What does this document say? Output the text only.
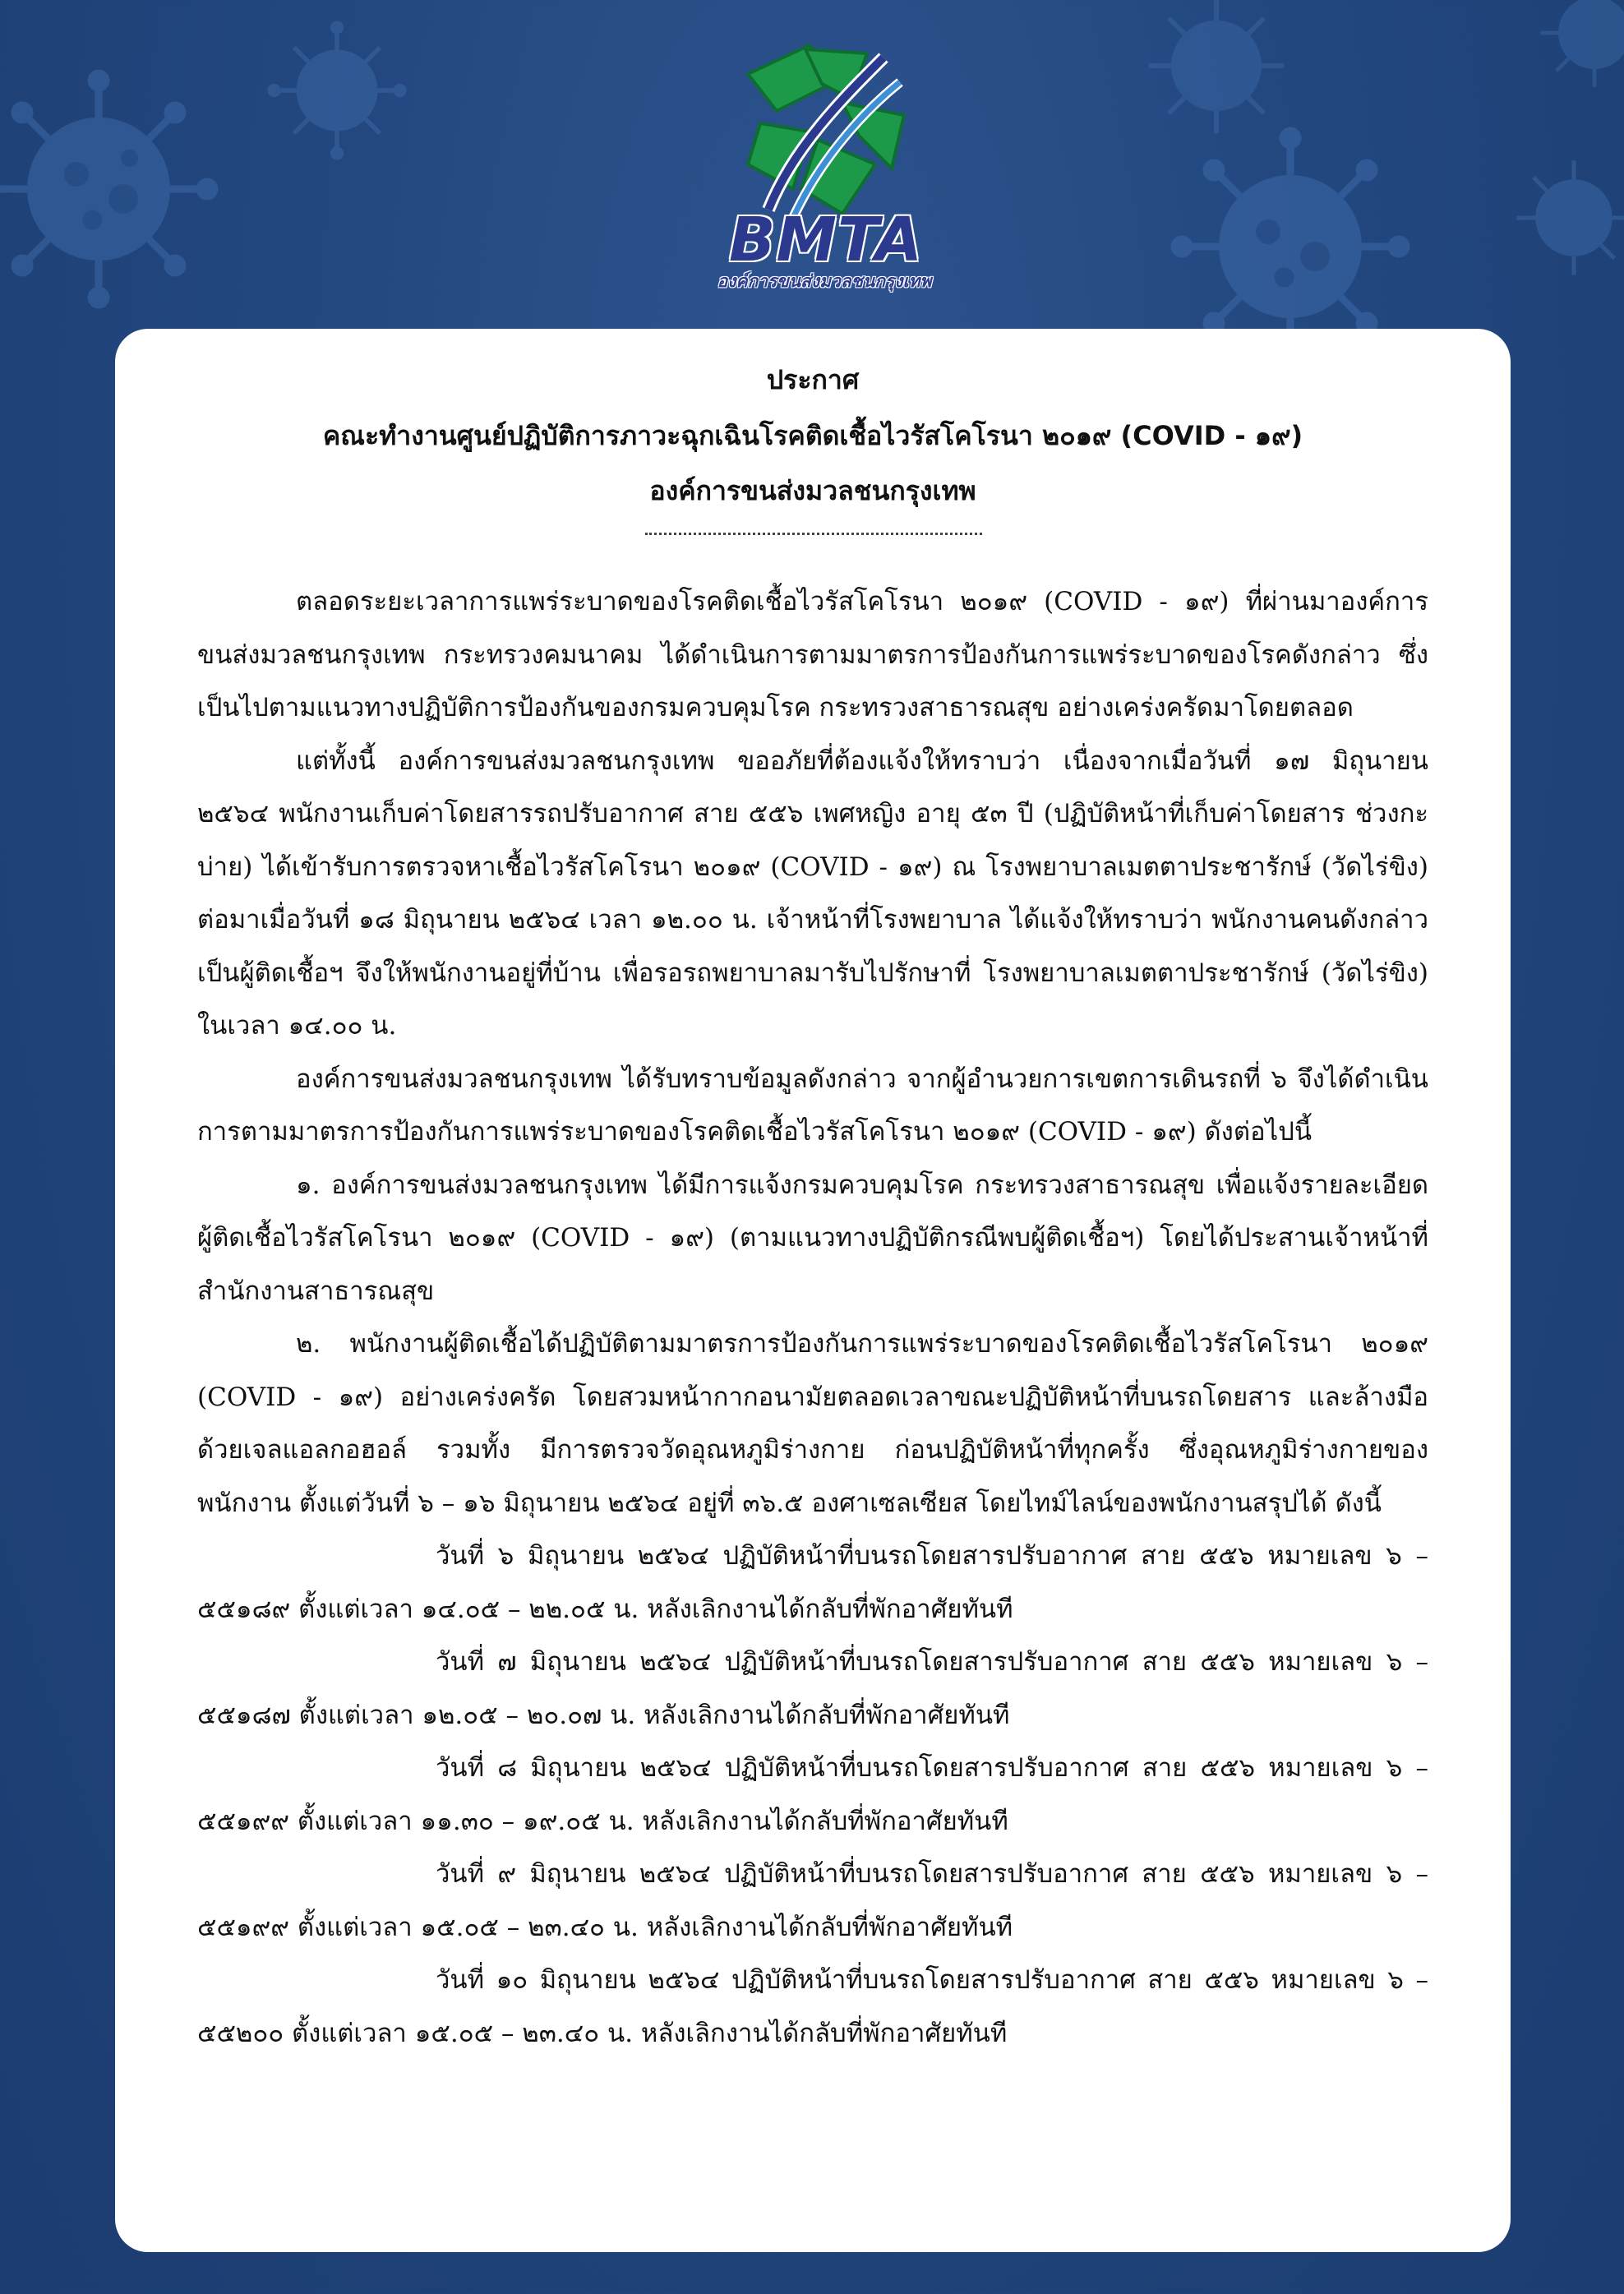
BMTA
องค์การขนส่งมวลชนกรุงเทพ
ประกาศ
คณะทำงานศูนย์ปฏิบัติการภาวะฉุกเฉินโรคติดเชื้อไวรัสโคโรนา ๒๐๑๙ (COVID - ๑๙)
องค์การขนส่งมวลชนกรุงเทพ

ตลอดระยะเวลาการแพร่ระบาดของโรคติดเชื้อไวรัสโคโรนา ๒๐๑๙ (COVID - ๑๙) ที่ผ่านมาองค์การขนส่งมวลชนกรุงเทพ กระทรวงคมนาคม ได้ดำเนินการตามมาตรการป้องกันการแพร่ระบาดของโรคดังกล่าว ซึ่งเป็นไปตามแนวทางปฏิบัติการป้องกันของกรมควบคุมโรค กระทรวงสาธารณสุข อย่างเคร่งครัดมาโดยตลอด

แต่ทั้งนี้ องค์การขนส่งมวลชนกรุงเทพ ขออภัยที่ต้องแจ้งให้ทราบว่า เนื่องจากเมื่อวันที่ ๑๗ มิถุนายน ๒๕๖๔ พนักงานเก็บค่าโดยสารรถปรับอากาศ สาย ๕๕๖ เพศหญิง อายุ ๕๓ ปี (ปฏิบัติหน้าที่เก็บค่าโดยสาร ช่วงกะบ่าย) ได้เข้ารับการตรวจหาเชื้อไวรัสโคโรนา ๒๐๑๙ (COVID - ๑๙) ณ โรงพยาบาลเมตตาประชารักษ์ (วัดไร่ขิง) ต่อมาเมื่อวันที่ ๑๘ มิถุนายน ๒๕๖๔ เวลา ๑๒.๐๐ น. เจ้าหน้าที่โรงพยาบาล ได้แจ้งให้ทราบว่า พนักงานคนดังกล่าวเป็นผู้ติดเชื้อฯ จึงให้พนักงานอยู่ที่บ้าน เพื่อรอรถพยาบาลมารับไปรักษาที่ โรงพยาบาลเมตตาประชารักษ์ (วัดไร่ขิง) ในเวลา ๑๔.๐๐ น.

องค์การขนส่งมวลชนกรุงเทพ ได้รับทราบข้อมูลดังกล่าว จากผู้อำนวยการเขตการเดินรถที่ ๖ จึงได้ดำเนินการตามมาตรการป้องกันการแพร่ระบาดของโรคติดเชื้อไวรัสโคโรนา ๒๐๑๙ (COVID - ๑๙) ดังต่อไปนี้

๑. องค์การขนส่งมวลชนกรุงเทพ ได้มีการแจ้งกรมควบคุมโรค กระทรวงสาธารณสุข เพื่อแจ้งรายละเอียดผู้ติดเชื้อไวรัสโคโรนา ๒๐๑๙ (COVID - ๑๙) (ตามแนวทางปฏิบัติกรณีพบผู้ติดเชื้อฯ) โดยได้ประสานเจ้าหน้าที่สำนักงานสาธารณสุข

๒. พนักงานผู้ติดเชื้อได้ปฏิบัติตามมาตรการป้องกันการแพร่ระบาดของโรคติดเชื้อไวรัสโคโรนา ๒๐๑๙ (COVID - ๑๙) อย่างเคร่งครัด โดยสวมหน้ากากอนามัยตลอดเวลาขณะปฏิบัติหน้าที่บนรถโดยสาร และล้างมือด้วยเจลแอลกอฮอล์ รวมทั้ง มีการตรวจวัดอุณหภูมิร่างกาย ก่อนปฏิบัติหน้าที่ทุกครั้ง ซึ่งอุณหภูมิร่างกายของพนักงาน ตั้งแต่วันที่ ๖ – ๑๖ มิถุนายน ๒๕๖๔ อยู่ที่ ๓๖.๕ องศาเซลเซียส โดยไทม์ไลน์ของพนักงานสรุปได้ ดังนี้

วันที่ ๖ มิถุนายน ๒๕๖๔ ปฏิบัติหน้าที่บนรถโดยสารปรับอากาศ สาย ๕๕๖ หมายเลข ๖ – ๕๕๑๘๙ ตั้งแต่เวลา ๑๔.๐๕ – ๒๒.๐๕ น. หลังเลิกงานได้กลับที่พักอาศัยทันที

วันที่ ๗ มิถุนายน ๒๕๖๔ ปฏิบัติหน้าที่บนรถโดยสารปรับอากาศ สาย ๕๕๖ หมายเลข ๖ – ๕๕๑๘๗ ตั้งแต่เวลา ๑๒.๐๕ – ๒๐.๐๗ น. หลังเลิกงานได้กลับที่พักอาศัยทันที

วันที่ ๘ มิถุนายน ๒๕๖๔ ปฏิบัติหน้าที่บนรถโดยสารปรับอากาศ สาย ๕๕๖ หมายเลข ๖ – ๕๕๑๙๙ ตั้งแต่เวลา ๑๑.๓๐ – ๑๙.๐๕ น. หลังเลิกงานได้กลับที่พักอาศัยทันที

วันที่ ๙ มิถุนายน ๒๕๖๔ ปฏิบัติหน้าที่บนรถโดยสารปรับอากาศ สาย ๕๕๖ หมายเลข ๖ – ๕๕๑๙๙ ตั้งแต่เวลา ๑๕.๐๕ – ๒๓.๔๐ น. หลังเลิกงานได้กลับที่พักอาศัยทันที

วันที่ ๑๐ มิถุนายน ๒๕๖๔ ปฏิบัติหน้าที่บนรถโดยสารปรับอากาศ สาย ๕๕๖ หมายเลข ๖ – ๕๕๒๐๐ ตั้งแต่เวลา ๑๕.๐๕ – ๒๓.๔๐ น. หลังเลิกงานได้กลับที่พักอาศัยทันที
